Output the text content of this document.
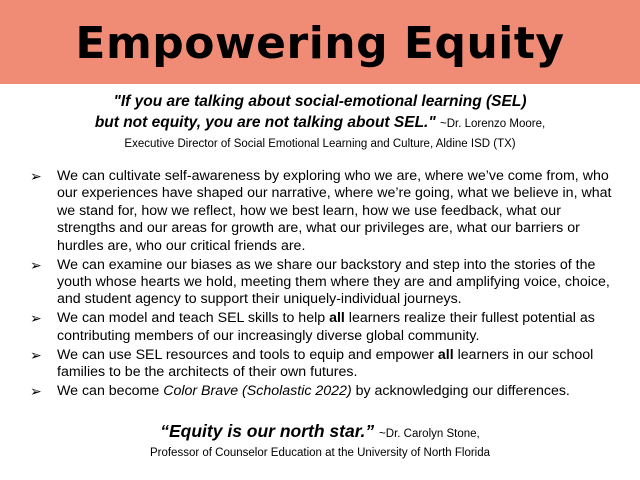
Empowering Equity
"If you are talking about social-emotional learning (SEL)
but not equity, you are not talking about SEL." ~Dr. Lorenzo Moore,
Executive Director of Social Emotional Learning and Culture, Aldine ISD (TX)
➢ We can cultivate self-awareness by exploring who we are, where we’ve come from, who our experiences have shaped our narrative, where we’re going, what we believe in, what we stand for, how we reflect, how we best learn, how we use feedback, what our strengths and our areas for growth are, what our privileges are, what our barriers or hurdles are, who our critical friends are.
➢ We can examine our biases as we share our backstory and step into the stories of the youth whose hearts we hold, meeting them where they are and amplifying voice, choice, and student agency to support their uniquely-individual journeys.
➢ We can model and teach SEL skills to help all learners realize their fullest potential as contributing members of our increasingly diverse global community.
➢ We can use SEL resources and tools to equip and empower all learners in our school families to be the architects of their own futures.
➢ We can become Color Brave (Scholastic 2022) by acknowledging our differences.
“Equity is our north star.” ~Dr. Carolyn Stone,
Professor of Counselor Education at the University of North Florida
